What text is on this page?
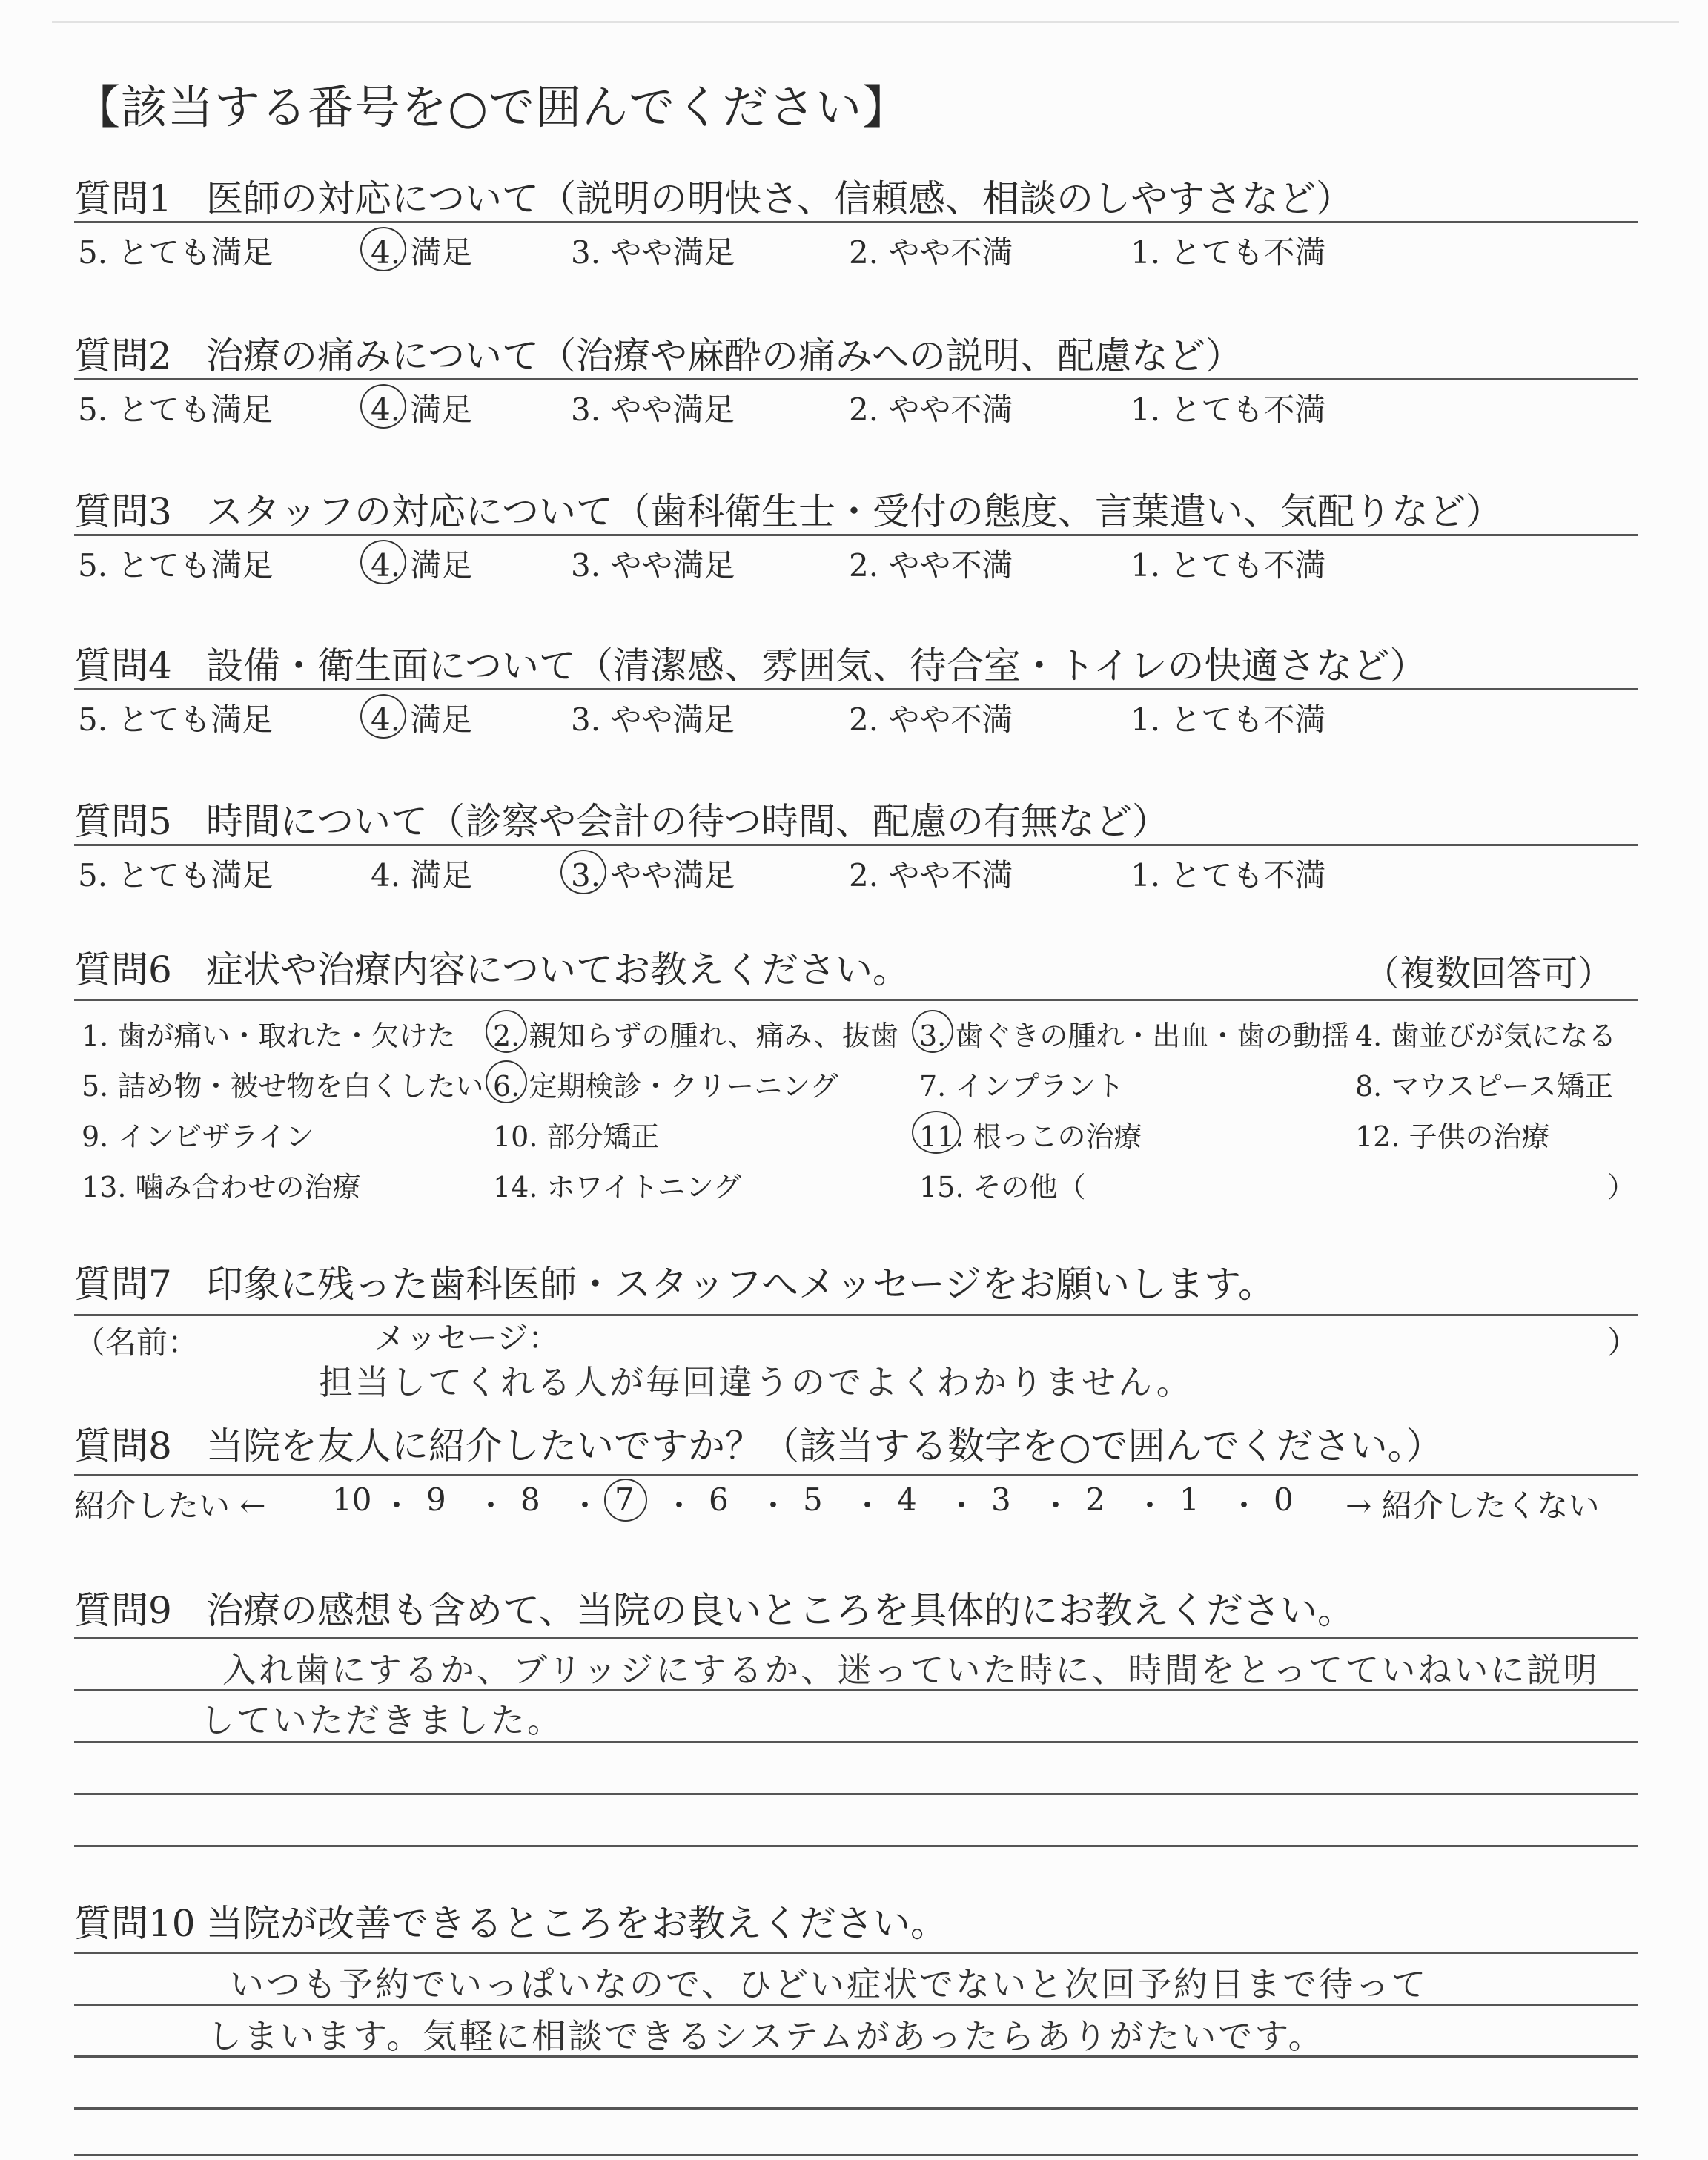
【該当する番号を○で囲んでください】
質問1 医師の対応について（説明の明快さ、信頼感、相談のしやすさなど）
5. とても満足	4. 満足	3. やや満足	2. やや不満	1. とても不満
質問2 治療の痛みについて（治療や麻酔の痛みへの説明、配慮など）
5. とても満足	4. 満足	3. やや満足	2. やや不満	1. とても不満
質問3 スタッフの対応について（歯科衛生士・受付の態度、言葉遣い、気配りなど）
5. とても満足	4. 満足	3. やや満足	2. やや不満	1. とても不満
質問4 設備・衛生面について（清潔感、雰囲気、待合室・トイレの快適さなど）
5. とても満足	4. 満足	3. やや満足	2. やや不満	1. とても不満
質問5 時間について（診察や会計の待つ時間、配慮の有無など）
5. とても満足	4. 満足	3. やや満足	2. やや不満	1. とても不満
質問6 症状や治療内容についてお教えください。	（複数回答可）
1. 歯が痛い・取れた・欠けた 2. 親知らずの腫れ、痛み、抜歯 3. 歯ぐきの腫れ・出血・歯の動揺 4. 歯並びが気になる
5. 詰め物・被せ物を白くしたい 6. 定期検診・クリーニング	7. インプラント	8. マウスピース矯正
9. インビザライン	10. 部分矯正	11. 根っこの治療	12. 子供の治療
13. 噛み合わせの治療	14. ホワイトニング	15. その他（	）
質問7 印象に残った歯科医師・スタッフへメッセージをお願いします。
（名前：	メッセージ：	）
担当してくれる人が毎回違うのでよくわかりません。
質問8 当院を友人に紹介したいですか？（該当する数字を○で囲んでください。）
紹介したい ←	→ 紹介したくない
10 ・ 9 ・ 8 ・ 7 ・ 6 ・ 5 ・ 4 ・ 3 ・ 2 ・ 1 ・ 0
質問9 治療の感想も含めて、当院の良いところを具体的にお教えください。
入れ歯にするか、ブリッジにするか、迷っていた時に、時間をとってていねいに説明
していただきました。
質問10 当院が改善できるところをお教えください。
いつも予約でいっぱいなので、ひどい症状でないと次回予約日まで待って
しまいます。気軽に相談できるシステムがあったらありがたいです。
